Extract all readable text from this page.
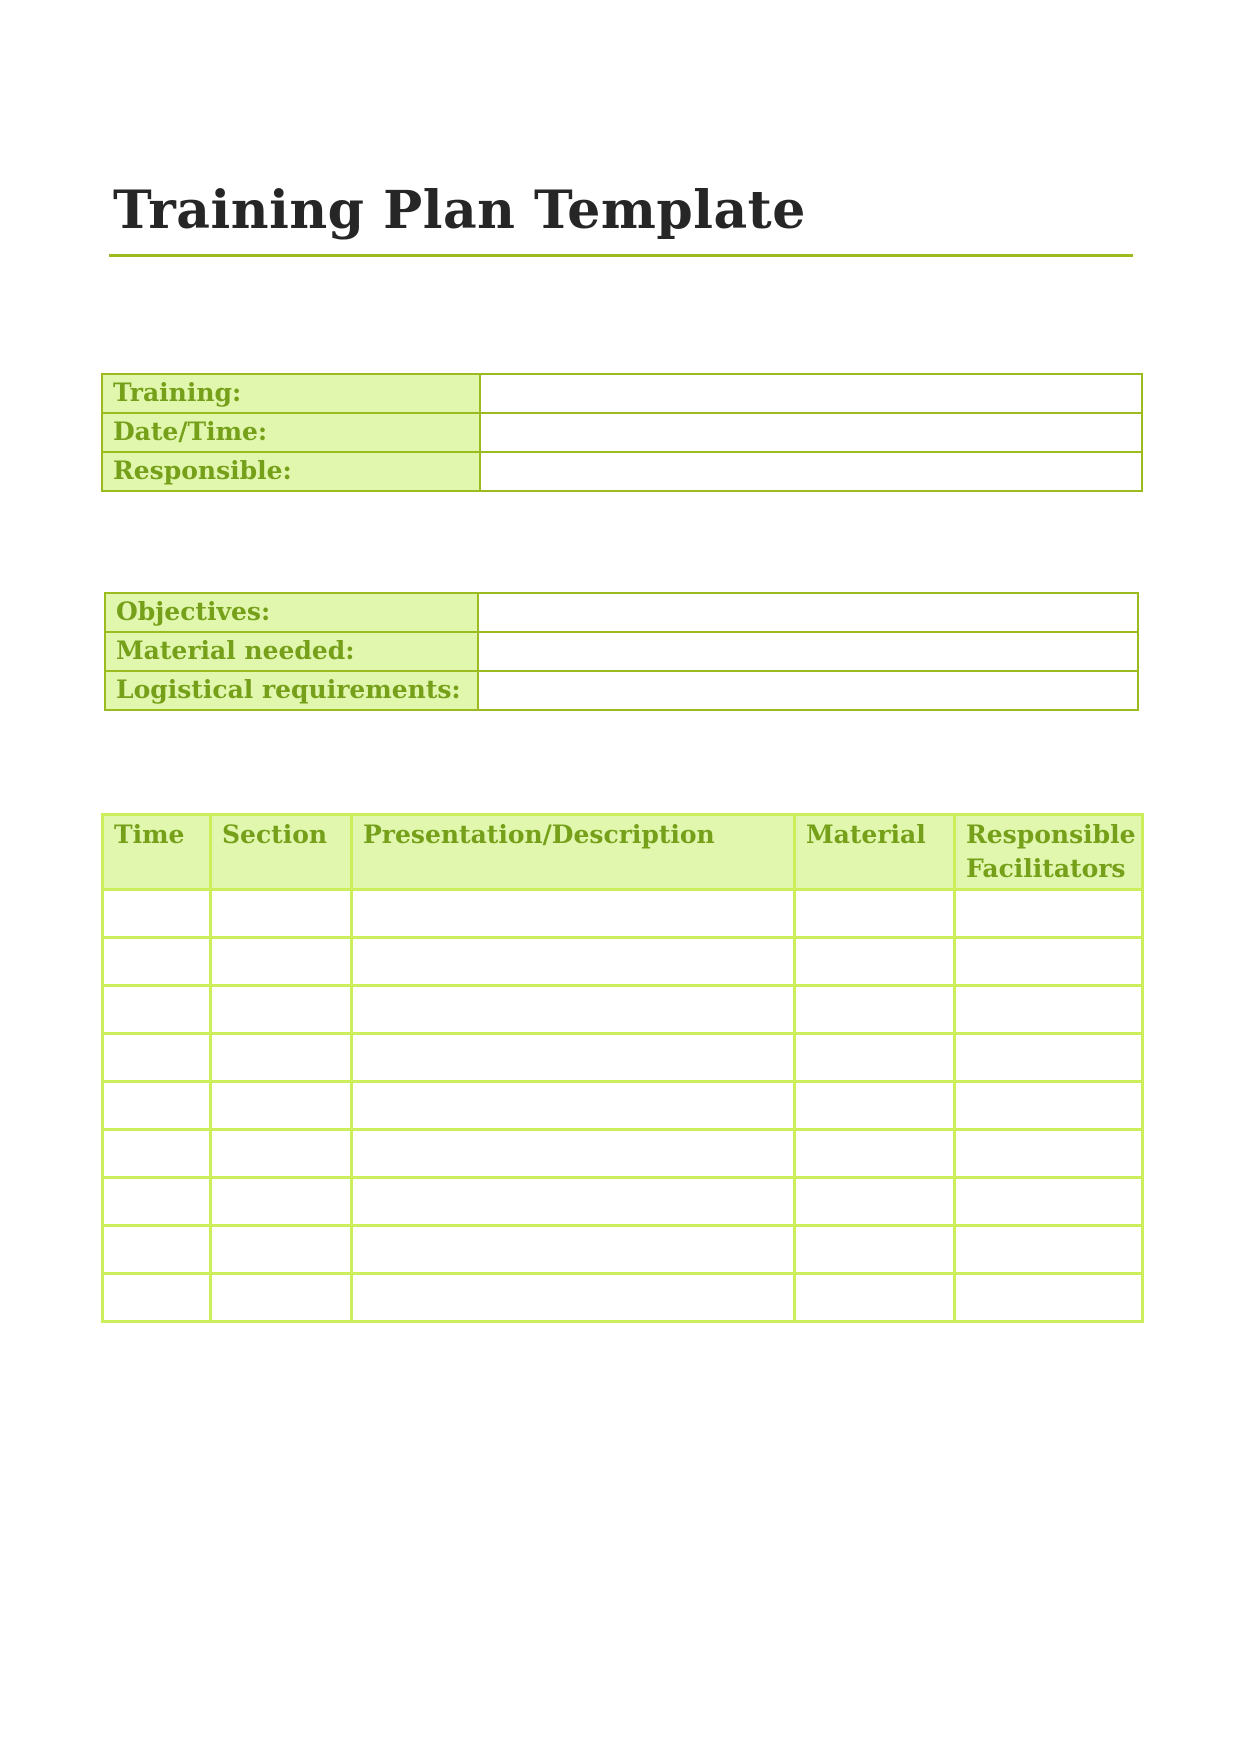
Training Plan Template
Training:	
Date/Time:	
Responsible:	
Objectives:	
Material needed:	
Logistical requirements:	
Time	Section	Presentation/Description	Material	Responsible Facilitators
